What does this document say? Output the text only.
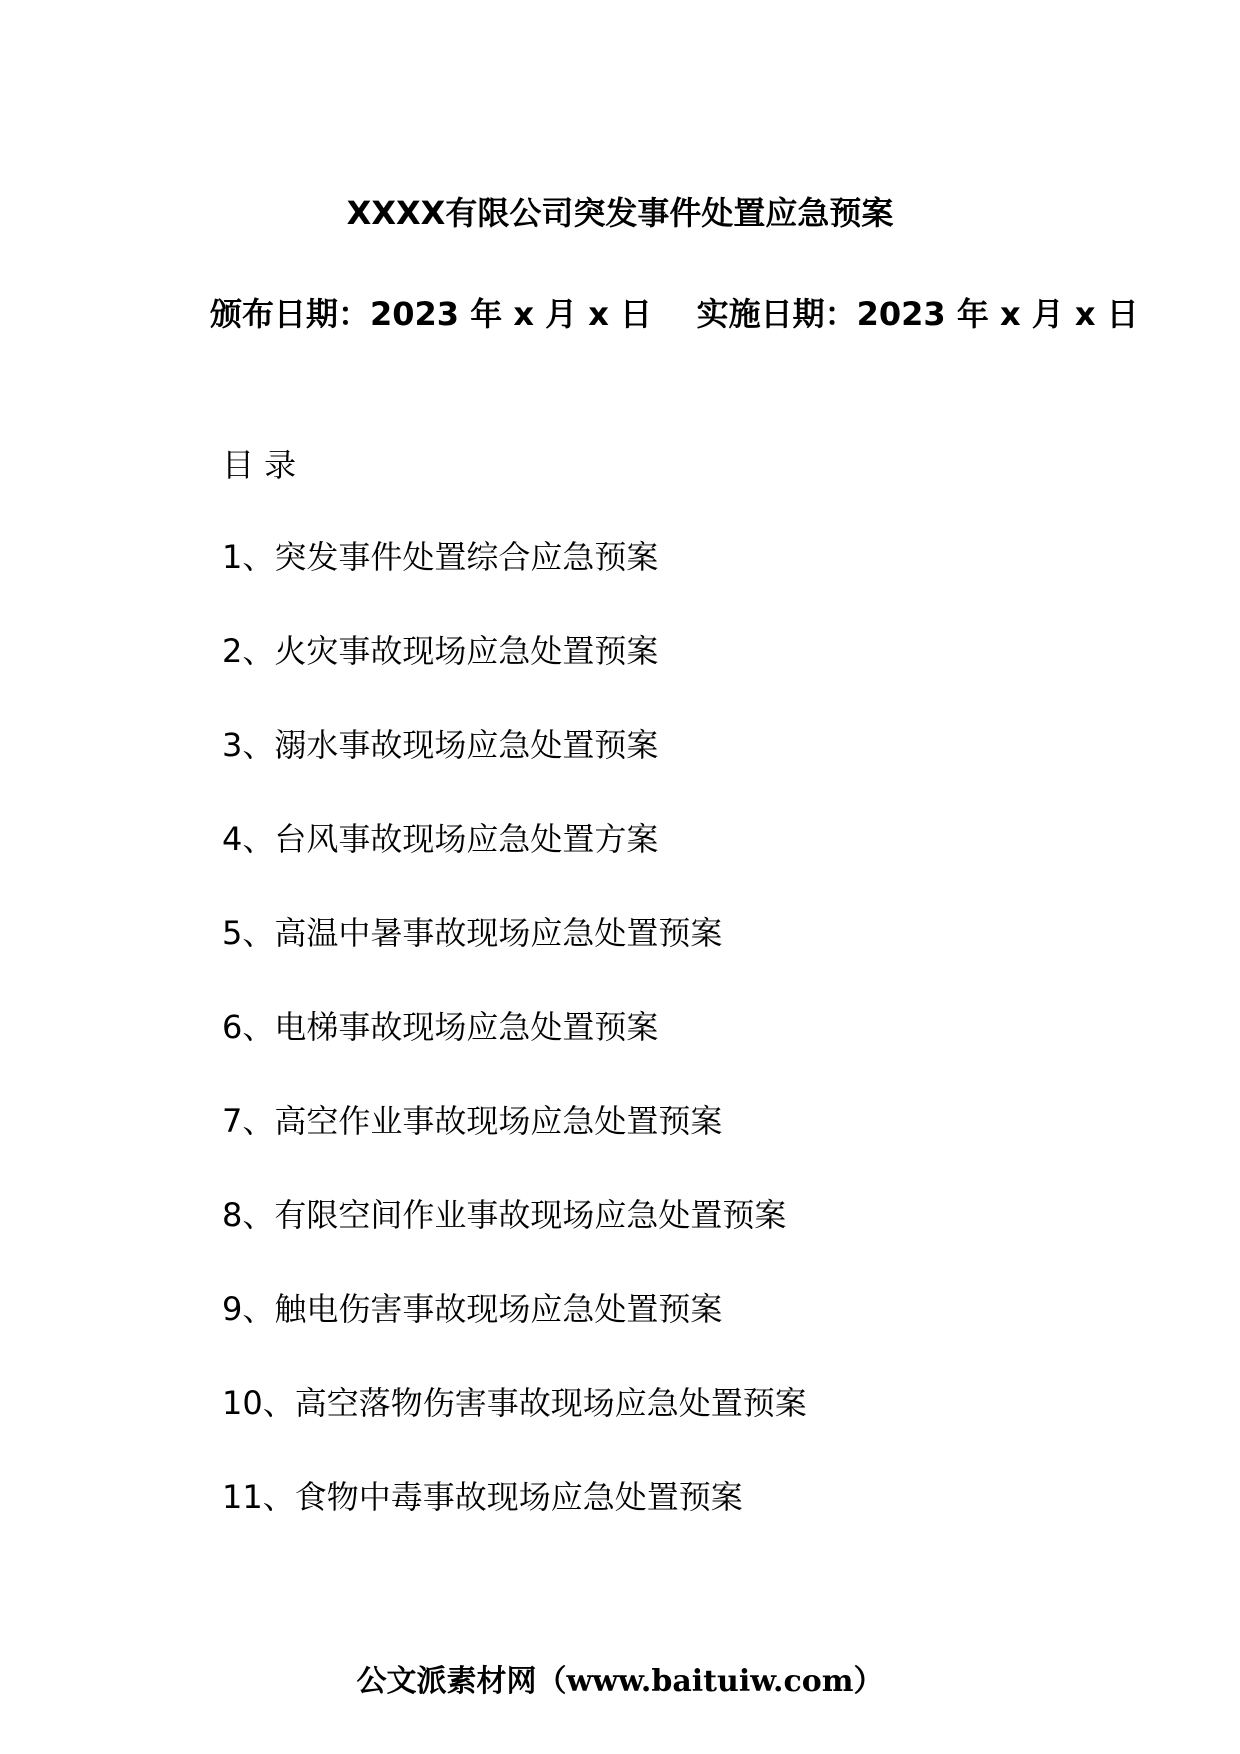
XXXX有限公司突发事件处置应急预案
颁布日期：2023 年 x 月 x 日    实施日期：2023 年 x 月 x 日
目 录
1、突发事件处置综合应急预案
2、火灾事故现场应急处置预案
3、溺水事故现场应急处置预案
4、台风事故现场应急处置方案
5、高温中暑事故现场应急处置预案
6、电梯事故现场应急处置预案
7、高空作业事故现场应急处置预案
8、有限空间作业事故现场应急处置预案
9、触电伤害事故现场应急处置预案
10、高空落物伤害事故现场应急处置预案
11、食物中毒事故现场应急处置预案
公文派素材网（www.baituiw.com）
